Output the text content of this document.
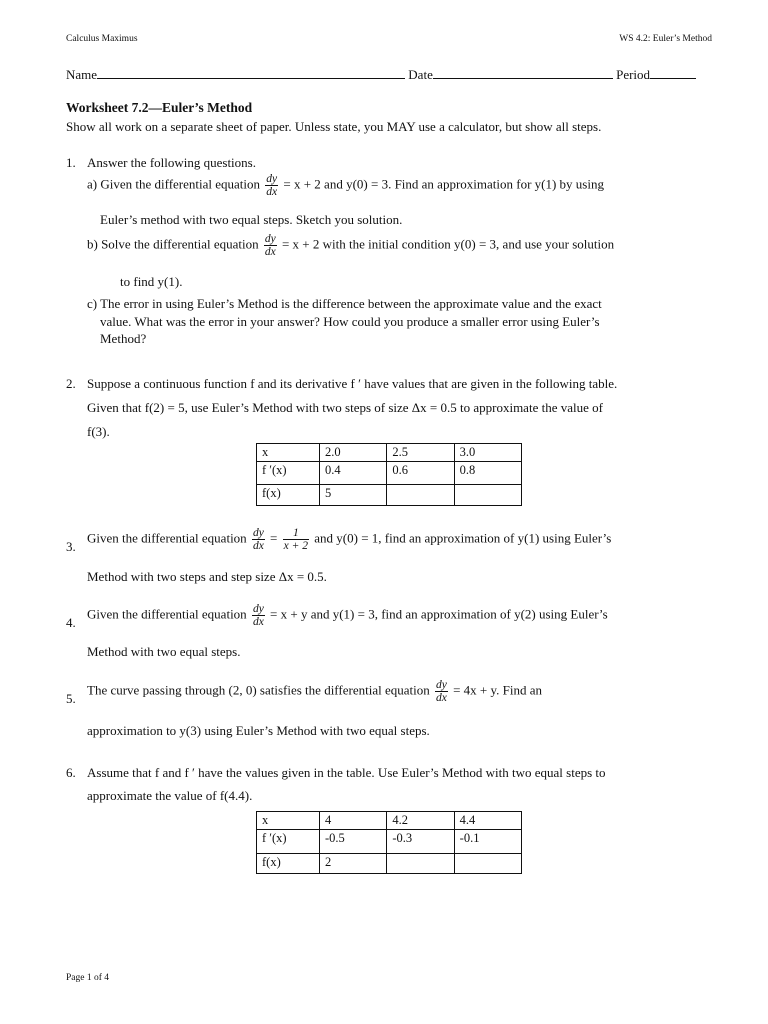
Calculus Maximus	WS 4.2: Euler’s Method
Name	Date	Period
Worksheet 7.2—Euler’s Method
Show all work on a separate sheet of paper. Unless state, you MAY use a calculator, but show all steps.
1. Answer the following questions.
a) Given the differential equation $\frac{dy}{dx} = x + 2$ and y(0) = 3. Find an approximation for y(1) by using
Euler’s method with two equal steps. Sketch you solution.
b) Solve the differential equation $\frac{dy}{dx} = x + 2$ with the initial condition y(0) = 3, and use your solution
to find y(1).
c) The error in using Euler’s Method is the difference between the approximate value and the exact
value. What was the error in your answer? How could you produce a smaller error using Euler’s
Method?
2. Suppose a continuous function f and its derivative f ′ have values that are given in the following table.
Given that f(2) = 5, use Euler’s Method with two steps of size Δx = 0.5 to approximate the value of
f(3).
x	2.0	2.5	3.0
f ′(x)	0.4	0.6	0.8
f(x)	5		
3.
Given the differential equation $\frac{dy}{dx} = \frac{1}{x + 2}$ and y(0) = 1, find an approximation of y(1) using Euler’s
Method with two steps and step size Δx = 0.5.
4.
Given the differential equation $\frac{dy}{dx} = x + y$ and y(1) = 3, find an approximation of y(2) using Euler’s
Method with two equal steps.
5.
The curve passing through (2, 0) satisfies the differential equation $\frac{dy}{dx} = 4x + y$. Find an
approximation to y(3) using Euler’s Method with two equal steps.
6. Assume that f and f ′ have the values given in the table. Use Euler’s Method with two equal steps to
approximate the value of f(4.4).
x	4	4.2	4.4
f ′(x)	-0.5	-0.3	-0.1
f(x)	2		
Page 1 of 4
